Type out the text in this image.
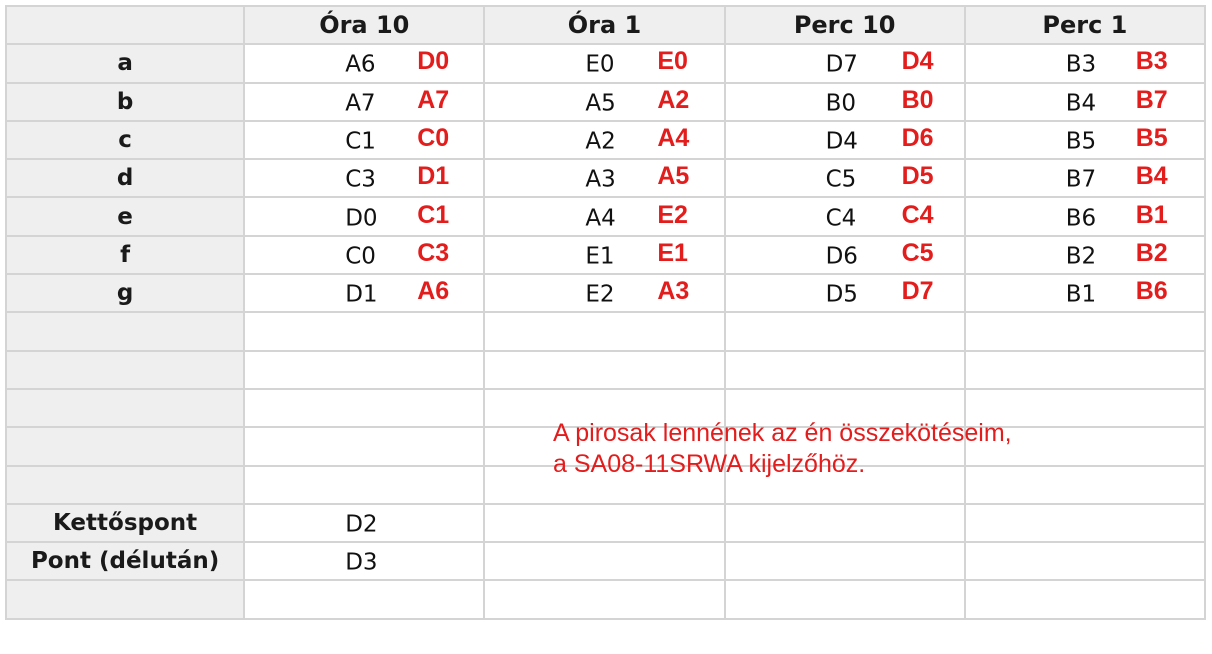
	Óra 10	Óra 1	Perc 10	Perc 1
a	A6 D0	E0 E0	D7 D4	B3 B3

b	A7 A7	A5 A2	B0 B0	B4 B7

c	C1 C0	A2 A4	D4 D6	B5 B5

d	C3 D1	A3 A5	C5 D5	B7 B4

e	D0 C1	A4 E2	C4 C4	B6 B1

f	C0 C3	E1 E1	D6 C5	B2 B2

g	D1 A6	E2 A3	D5 D7	B1 B6

Kettőspont	D2			

Pont (délután)	D3			

A pirosak lennének az én összekötéseim,
a SA08-11SRWA kijelzőhöz.
